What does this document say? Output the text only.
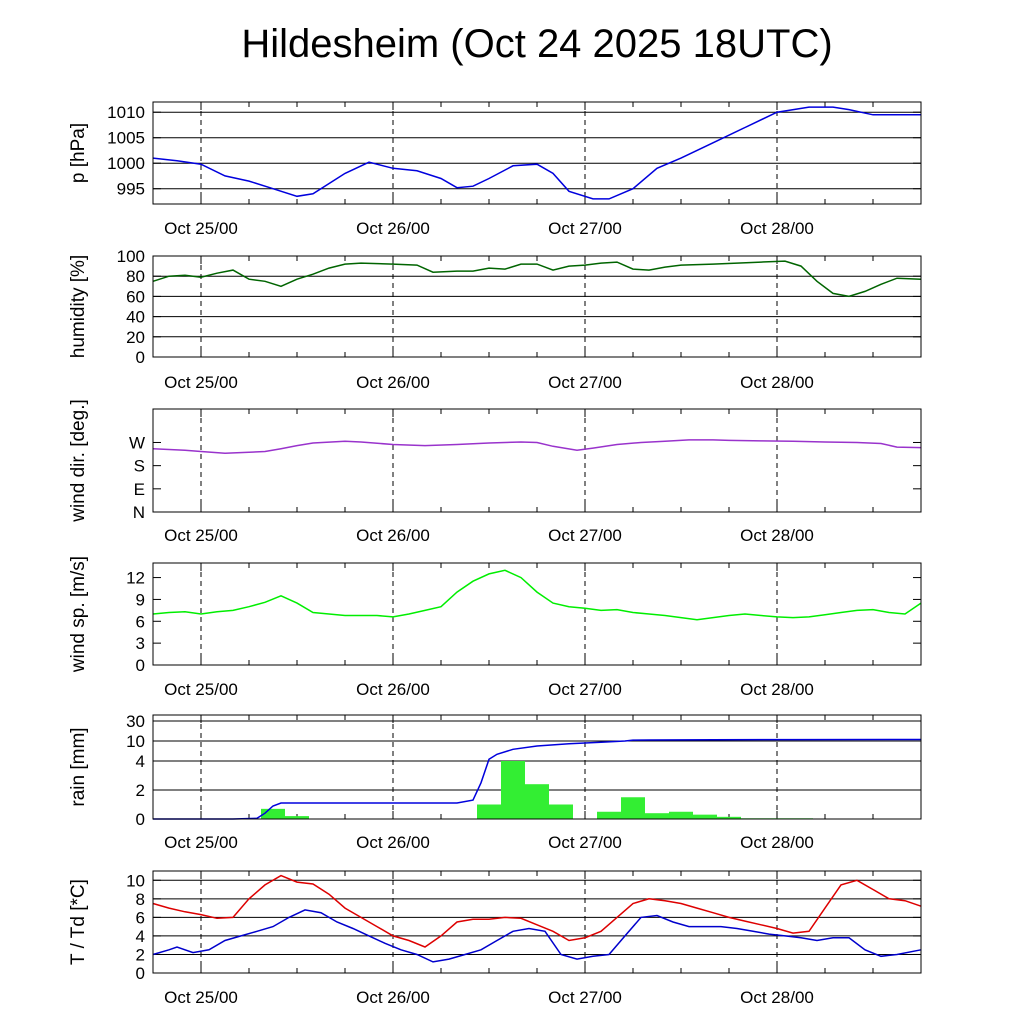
Hildesheim (Oct 24 2025 18UTC)
Oct 25/00	Oct 26/00	Oct 27/00	Oct 28/00
995
1000
1005
1010
p [hPa]
Oct 25/00	Oct 26/00	Oct 27/00	Oct 28/00
0
20
40
60
80
100
humidity [%]
Oct 25/00	Oct 26/00	Oct 27/00	Oct 28/00
N
E
S
W
wind dir. [deg.]
Oct 25/00	Oct 26/00	Oct 27/00	Oct 28/00
0
3
6
9
12
wind sp. [m/s]
Oct 25/00	Oct 26/00	Oct 27/00	Oct 28/00
0
2
4
10
30
rain [mm]
Oct 25/00	Oct 26/00	Oct 27/00	Oct 28/00
0
2
4
6
8
10
T / Td [*C]
